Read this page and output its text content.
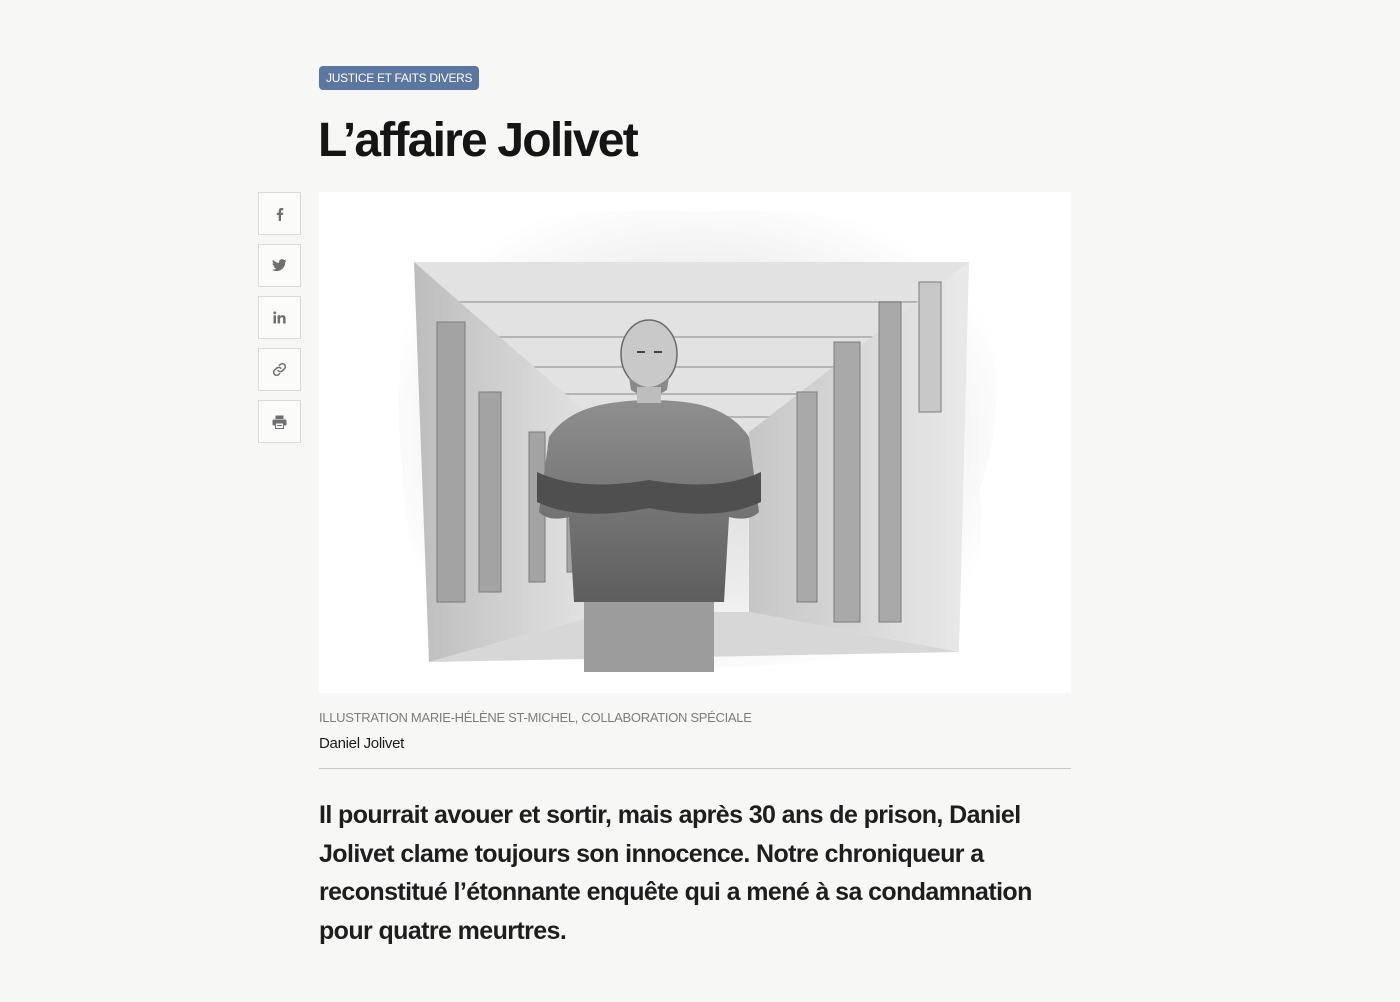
JUSTICE ET FAITS DIVERS
L’affaire Jolivet
ILLUSTRATION MARIE-HÉLÈNE ST-MICHEL, COLLABORATION SPÉCIALE
Daniel Jolivet

Il pourrait avouer et sortir, mais après 30 ans de prison, Daniel Jolivet clame toujours son innocence. Notre chroniqueur a reconstitué l’étonnante enquête qui a mené à sa condamnation pour quatre meurtres.
